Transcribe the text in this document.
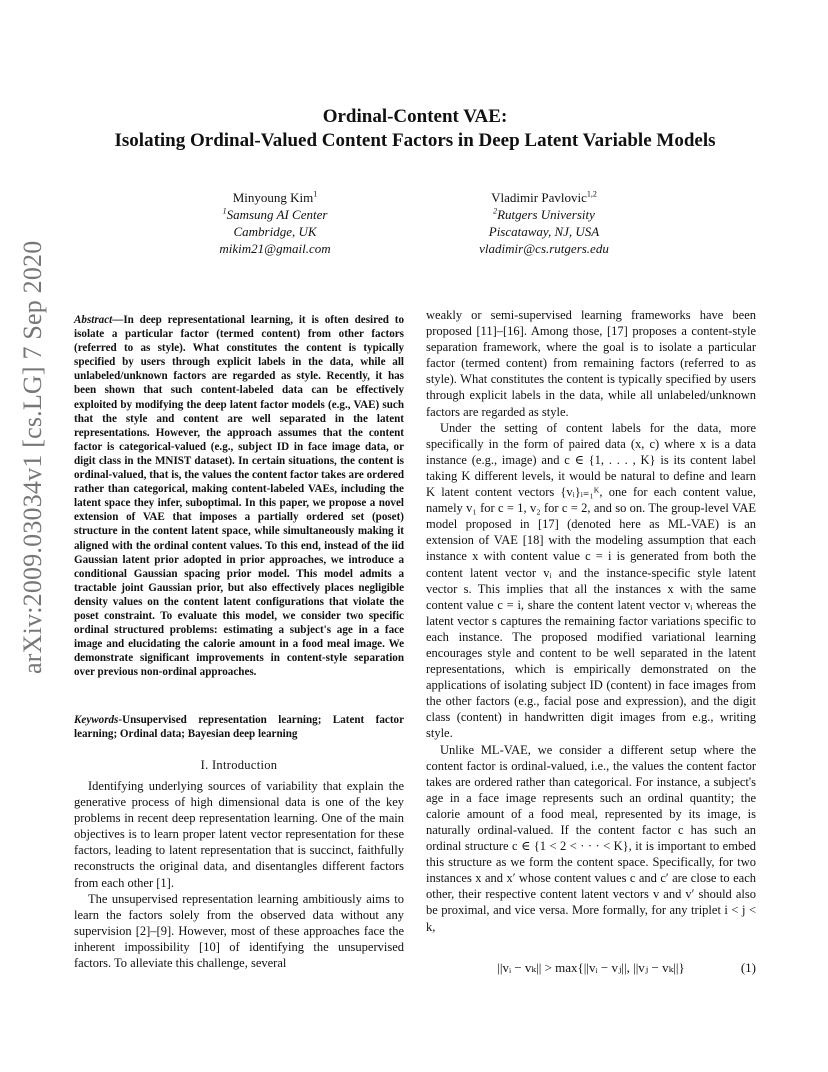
arXiv:2009.03034v1 [cs.LG] 7 Sep 2020
Ordinal-Content VAE:
Isolating Ordinal-Valued Content Factors in Deep Latent Variable Models
Minyoung Kim$^1$
$^1$Samsung AI Center
Cambridge, UK
mikim21@gmail.com
Vladimir Pavlovic$^{1,2}$
$^2$Rutgers University
Piscataway, NJ, USA
vladimir@cs.rutgers.edu
Abstract—In deep representational learning, it is often desired to isolate a particular factor (termed content) from other factors (referred to as style). What constitutes the content is typically specified by users through explicit labels in the data, while all unlabeled/unknown factors are regarded as style. Recently, it has been shown that such content-labeled data can be effectively exploited by modifying the deep latent factor models (e.g., VAE) such that the style and content are well separated in the latent representations. However, the approach assumes that the content factor is categorical-valued (e.g., subject ID in face image data, or digit class in the MNIST dataset). In certain situations, the content is ordinal-valued, that is, the values the content factor takes are ordered rather than categorical, making content-labeled VAEs, including the latent space they infer, suboptimal. In this paper, we propose a novel extension of VAE that imposes a partially ordered set (poset) structure in the content latent space, while simultaneously making it aligned with the ordinal content values. To this end, instead of the iid Gaussian latent prior adopted in prior approaches, we introduce a conditional Gaussian spacing prior model. This model admits a tractable joint Gaussian prior, but also effectively places negligible density values on the content latent configurations that violate the poset constraint. To evaluate this model, we consider two specific ordinal structured problems: estimating a subject's age in a face image and elucidating the calorie amount in a food meal image. We demonstrate significant improvements in content-style separation over previous non-ordinal approaches.
Keywords-Unsupervised representation learning; Latent factor learning; Ordinal data; Bayesian deep learning
I. Introduction

Identifying underlying sources of variability that explain the generative process of high dimensional data is one of the key problems in recent deep representation learning. One of the main objectives is to learn proper latent vector representation for these factors, leading to latent representation that is succinct, faithfully reconstructs the original data, and disentangles different factors from each other [1].

The unsupervised representation learning ambitiously aims to learn the factors solely from the observed data without any supervision [2]–[9]. However, most of these approaches face the inherent impossibility [10] of identifying the unsupervised factors. To alleviate this challenge, several

weakly or semi-supervised learning frameworks have been proposed [11]–[16]. Among those, [17] proposes a content-style separation framework, where the goal is to isolate a particular factor (termed content) from remaining factors (referred to as style). What constitutes the content is typically specified by users through explicit labels in the data, while all unlabeled/unknown factors are regarded as style.

Under the setting of content labels for the data, more specifically in the form of paired data (x, c) where x is a data instance (e.g., image) and c ∈ {1, . . . , K} is its content label taking K different levels, it would be natural to define and learn K latent content vectors {vᵢ}ᵢ₌₁ᴷ, one for each content value, namely v₁ for c = 1, v₂ for c = 2, and so on. The group-level VAE model proposed in [17] (denoted here as ML-VAE) is an extension of VAE [18] with the modeling assumption that each instance x with content value c = i is generated from both the content latent vector vᵢ and the instance-specific style latent vector s. This implies that all the instances x with the same content value c = i, share the content latent vector vᵢ whereas the latent vector s captures the remaining factor variations specific to each instance. The proposed modified variational learning encourages style and content to be well separated in the latent representations, which is empirically demonstrated on the applications of isolating subject ID (content) in face images from the other factors (e.g., facial pose and expression), and the digit class (content) in handwritten digit images from e.g., writing style.

Unlike ML-VAE, we consider a different setup where the content factor is ordinal-valued, i.e., the values the content factor takes are ordered rather than categorical. For instance, a subject's age in a face image represents such an ordinal quantity; the calorie amount of a food meal, represented by its image, is naturally ordinal-valued. If the content factor c has such an ordinal structure c ∈ {1 < 2 < · · · < K}, it is important to embed this structure as we form the content space. Specifically, for two instances x and x′ whose content values c and c′ are close to each other, their respective content latent vectors v and v′ should also be proximal, and vice versa. More formally, for any triplet i < j < k,

||vᵢ − vₖ|| > max{||vᵢ − vⱼ||, ||vⱼ − vₖ||}	(1)
